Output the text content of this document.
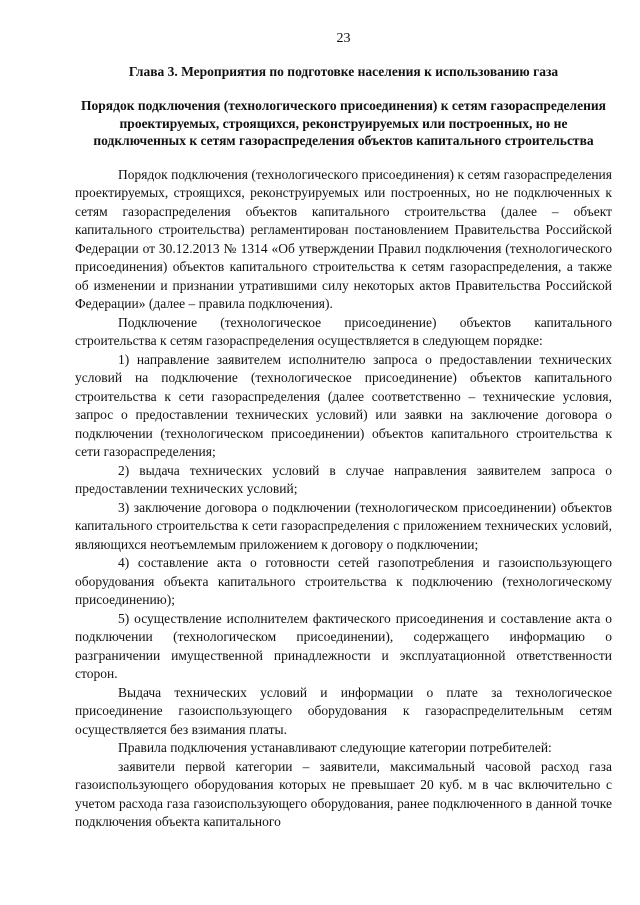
23
Глава 3. Мероприятия по подготовке населения к использованию газа
Порядок подключения (технологического присоединения) к сетям газораспределения проектируемых, строящихся, реконструируемых или построенных, но не подключенных к сетям газораспределения объектов капитального строительства

Порядок подключения (технологического присоединения) к сетям газораспределения проектируемых, строящихся, реконструируемых или построенных, но не подключенных к сетям газораспределения объектов капитального строительства (далее – объект капитального строительства) регламентирован постановлением Правительства Российской Федерации от 30.12.2013 № 1314 «Об утверждении Правил подключения (технологического присоединения) объектов капитального строительства к сетям газораспределения, а также об изменении и признании утратившими силу некоторых актов Правительства Российской Федерации» (далее – правила подключения).

Подключение (технологическое присоединение) объектов капитального строительства к сетям газораспределения осуществляется в следующем порядке:

1) направление заявителем исполнителю запроса о предоставлении технических условий на подключение (технологическое присоединение) объектов капитального строительства к сети газораспределения (далее соответственно – технические условия, запрос о предоставлении технических условий) или заявки на заключение договора о подключении (технологическом присоединении) объектов капитального строительства к сети газораспределения;

2) выдача технических условий в случае направления заявителем запроса о предоставлении технических условий;

3) заключение договора о подключении (технологическом присоединении) объектов капитального строительства к сети газораспределения с приложением технических условий, являющихся неотъемлемым приложением к договору о подключении;

4) составление акта о готовности сетей газопотребления и газоиспользующего оборудования объекта капитального строительства к подключению (технологическому присоединению);

5) осуществление исполнителем фактического присоединения и составление акта о подключении (технологическом присоединении), содержащего информацию о разграничении имущественной принадлежности и эксплуатационной ответственности сторон.

Выдача технических условий и информации о плате за технологическое присоединение газоиспользующего оборудования к газораспределительным сетям осуществляется без взимания платы.

Правила подключения устанавливают следующие категории потребителей:

заявители первой категории – заявители, максимальный часовой расход газа газоиспользующего оборудования которых не превышает 20 куб. м в час включительно с учетом расхода газа газоиспользующего оборудования, ранее подключенного в данной точке подключения объекта капитального
